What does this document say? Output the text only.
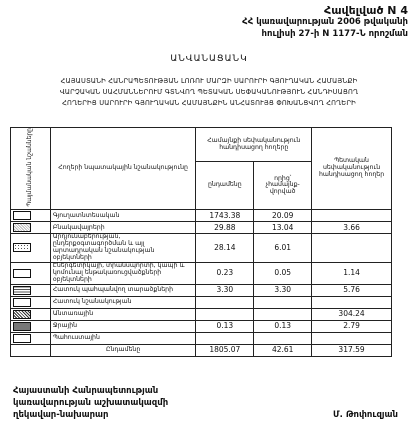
Հավելված N 4
ՀՀ կառավարության 2006 թվականի
հուլիսի 27-ի N 1177-Ն որոշման
ԱՆՎԱՆԱՑԱՆԿ
ՀԱՅԱՍՏԱՆԻ ՀԱՆՐԱՊԵՏՈՒԹՅԱՆ ԼՈՌՈՒ ՄԱՐԶԻ ՍԱՐՈՒՐԻ ԳՅՈՒՂԱԿԱՆ ՀԱՄԱՅՆՔԻ
ՎԱՐՉԱԿԱՆ ՍԱՀՄԱՆՆԵՐՈՒՄ ԳՏՆՎՈՂ ՊԵՏԱԿԱՆ ՍԵՓԱԿԱՆՈՒԹՅՈՒՆ ՀԱՆԴԻՍԱՑՈՂ
ՀՈՂԵՐԻՑ ՍԱՐՈՒՐԻ ԳՅՈՒՂԱԿԱՆ ՀԱՄԱՅՆՔԻՆ ԱՆՀԱՏՈՒՅՑ ՓՈԽԱՆՑՎՈՂ ՀՈՂԵՐԻ
Պայմանական նշանները	Հողերի նպատակային նշանակությունը	Համայնքի սեփականություն հանդիսացող հողերը		Պետական սեփականություն հանդիսացող հողեր
		ընդամենը	որից՝ չհամայնք-վորված	
	Գյուղատնտեսական	1743.38	20.09	
	Բնակավայրերի	29.88	13.04	3.66
	Արդյունաբերության, ընդերքօգտագործման և այլ արտադրական նշանակության օբյեկտների	28.14	6.01	
	Էներգետիկայի, տրանսպորտի, կապի և կոմունալ ենթակառուցվածքների օբյեկտների	0.23	0.05	1.14
	Հատուկ պահպանվող տարածքների	3.30	3.30	5.76
	Հատուկ նշանակության			
	Անտառային			304.24
	Ջրային	0.13	0.13	2.79
	Պահուստային			
	Ընդամենը	1805.07	42.61	317.59
Հայաստանի Հանրապետության
կառավարության աշխատակազմի
ղեկավար-նախարար	Մ. Թոփուզյան
